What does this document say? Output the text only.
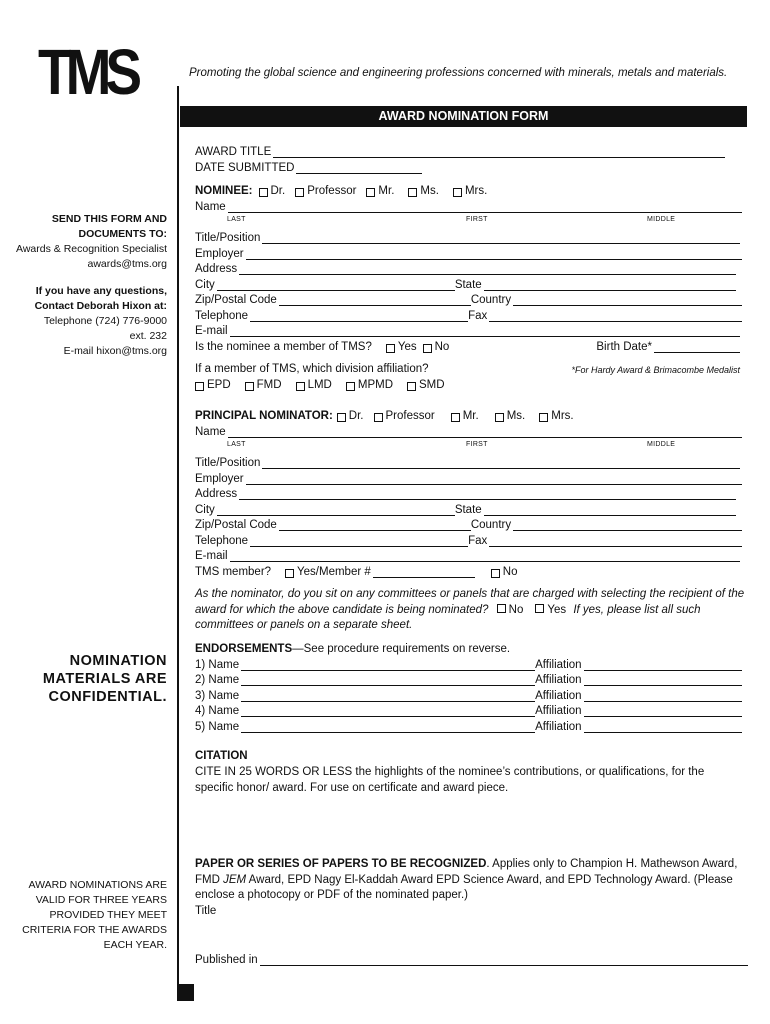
TMS	Promoting the global science and engineering professions concerned with minerals, metals and materials.
AWARD NOMINATION FORM
SEND THIS FORM AND
DOCUMENTS TO:
Awards & Recognition Specialist
awards@tms.org
If you have any questions,
Contact Deborah Hixon at:
Telephone (724) 776-9000
ext. 232
E-mail hixon@tms.org
NOMINATION
MATERIALS ARE
CONFIDENTIAL.
AWARD NOMINATIONS ARE
VALID FOR THREE YEARS
PROVIDED THEY MEET
CRITERIA FOR THE AWARDS
EACH YEAR.
AWARD TITLE
DATE SUBMITTED
NOMINEE: Dr. Professor Mr. Ms. Mrs.
Name
LAST	FIRST	MIDDLE
Title/Position
Employer
Address
City	State
Zip/Postal Code	Country
Telephone	Fax
E-mail
Is the nominee a member of TMS? Yes No	Birth Date*
If a member of TMS, which division affiliation?	*For Hardy Award & Brimacombe Medalist
EPD FMD LMD MPMD SMD
PRINCIPAL NOMINATOR: Dr. Professor Mr. Ms. Mrs.
Name
LAST	FIRST	MIDDLE
Title/Position
Employer
Address
City	State
Zip/Postal Code	Country
Telephone	Fax
E-mail
TMS member? Yes/Member #	No
As the nominator, do you sit on any committees or panels that are charged with selecting the recipient of the award for which the above candidate is being nominated? No Yes If yes, please list all such committees or panels on a separate sheet.
ENDORSEMENTS —See procedure requirements on reverse.
1) Name	Affiliation
2) Name	Affiliation
3) Name	Affiliation
4) Name	Affiliation
5) Name	Affiliation
CITATION
CITE IN 25 WORDS OR LESS the highlights of the nominee’s contributions, or qualifications, for the specific honor/ award. For use on certificate and award piece.
PAPER OR SERIES OF PAPERS TO BE RECOGNIZED. Applies only to Champion H. Mathewson Award, FMD JEM Award, EPD Nagy El-Kaddah Award EPD Science Award, and EPD Technology Award. (Please enclose a photocopy or PDF of the nominated paper.)
Title
Published in
